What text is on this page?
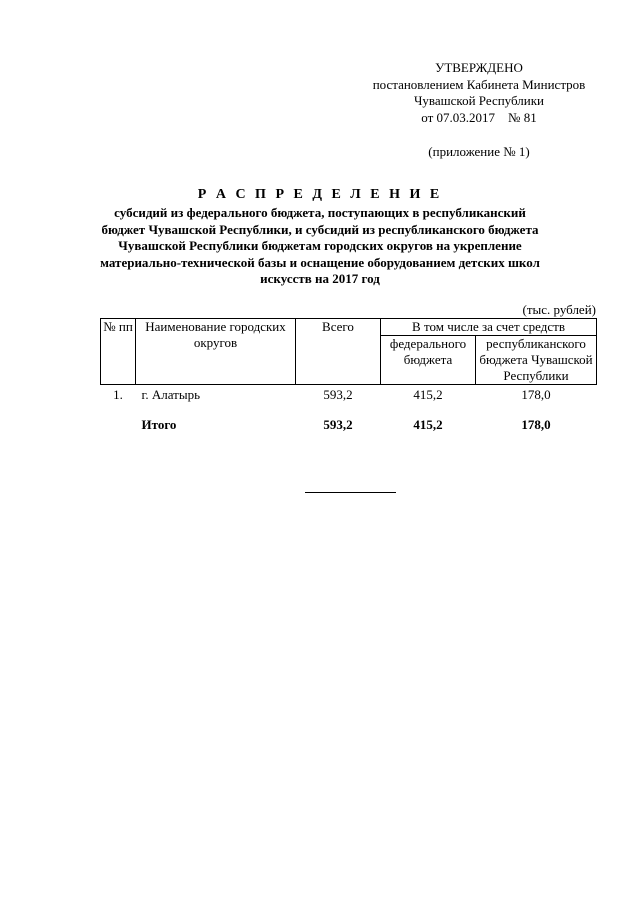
УТВЕРЖДЕНО
постановлением Кабинета Министров
Чувашской Республики
от 07.03.2017    № 81
(приложение № 1)
Р А С П Р Е Д Е Л Е Н И Е
субсидий из федерального бюджета, поступающих в республиканский
бюджет Чувашской Республики, и субсидий из республиканского бюджета
Чувашской Республики бюджетам городских округов на укрепление
материально-технической базы и оснащение оборудованием детских школ
искусств на 2017 год
(тыс. рублей)
№ пп	Наименование городских округов	Всего	В том числе за счет средств	
			федерального бюджета	республиканского бюджета Чувашской Республики
1.	г. Алатырь	593,2	415,2	178,0
	Итого	593,2	415,2	178,0
